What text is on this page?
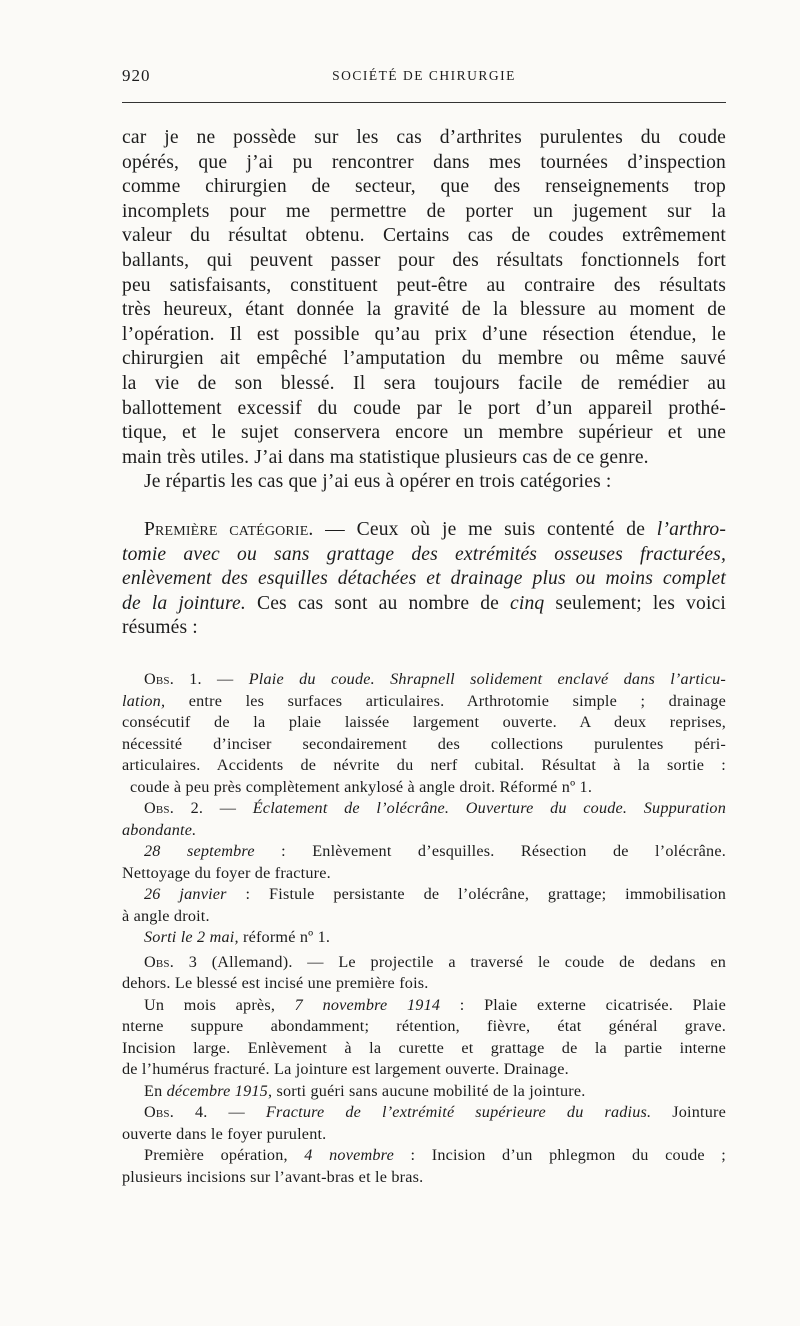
920	SOCIÉTÉ DE CHIRURGIE
car je ne possède sur les cas d’arthrites purulentes du coude
opérés, que j’ai pu rencontrer dans mes tournées d’inspection
comme chirurgien de secteur, que des renseignements trop
incomplets pour me permettre de porter un jugement sur la
valeur du résultat obtenu. Certains cas de coudes extrêmement
ballants, qui peuvent passer pour des résultats fonctionnels fort
peu satisfaisants, constituent peut-être au contraire des résultats
très heureux, étant donnée la gravité de la blessure au moment de
l’opération. Il est possible qu’au prix d’une résection étendue, le
chirurgien ait empêché l’amputation du membre ou même sauvé
la vie de son blessé. Il sera toujours facile de remédier au
ballottement excessif du coude par le port d’un appareil prothé-
tique, et le sujet conservera encore un membre supérieur et une
main très utiles. J’ai dans ma statistique plusieurs cas de ce genre.
Je répartis les cas que j’ai eus à opérer en trois catégories :
Première catégorie. — Ceux où je me suis contenté de l’arthro-
tomie avec ou sans grattage des extrémités osseuses fracturées,
enlèvement des esquilles détachées et drainage plus ou moins complet
de la jointure. Ces cas sont au nombre de cinq seulement; les voici
résumés :
Obs. 1. — Plaie du coude. Shrapnell solidement enclavé dans l’articu-
lation, entre les surfaces articulaires. Arthrotomie simple ; drainage
consécutif de la plaie laissée largement ouverte. A deux reprises,
nécessité d’inciser secondairement des collections purulentes péri-
articulaires. Accidents de névrite du nerf cubital. Résultat à la sortie :
coude à peu près complètement ankylosé à angle droit. Réformé nº 1.
Obs. 2. — Éclatement de l’olécrâne. Ouverture du coude. Suppuration
abondante.
28 septembre : Enlèvement d’esquilles. Résection de l’olécrâne.
Nettoyage du foyer de fracture.
26 janvier : Fistule persistante de l’olécrâne, grattage; immobilisation
à angle droit.
Sorti le 2 mai, réformé nº 1.
Obs. 3 (Allemand). — Le projectile a traversé le coude de dedans en
dehors. Le blessé est incisé une première fois.
Un mois après, 7 novembre 1914 : Plaie externe cicatrisée. Plaie
nterne suppure abondamment; rétention, fièvre, état général grave.
Incision large. Enlèvement à la curette et grattage de la partie interne
de l’humérus fracturé. La jointure est largement ouverte. Drainage.
En décembre 1915, sorti guéri sans aucune mobilité de la jointure.
Obs. 4. — Fracture de l’extrémité supérieure du radius. Jointure
ouverte dans le foyer purulent.
Première opération, 4 novembre : Incision d’un phlegmon du coude ;
plusieurs incisions sur l’avant-bras et le bras.
